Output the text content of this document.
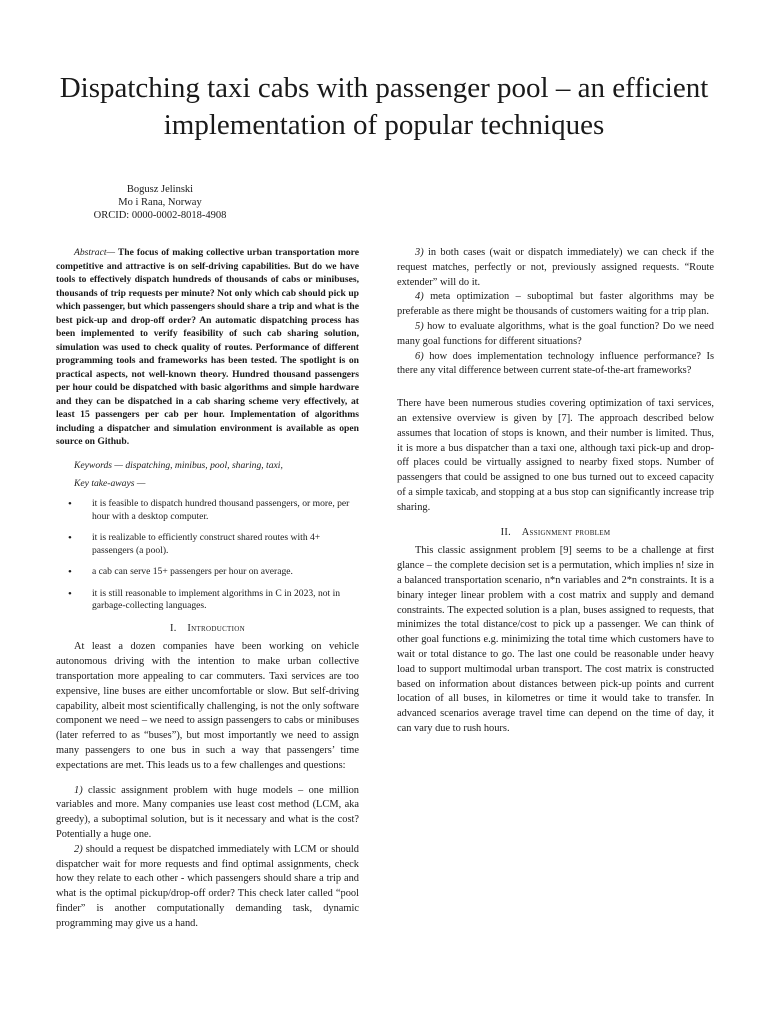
Dispatching taxi cabs with passenger pool – an efficient implementation of popular techniques
Bogusz Jelinski
Mo i Rana, Norway
ORCID: 0000-0002-8018-4908

Abstract— The focus of making collective urban transportation more competitive and attractive is on self-driving capabilities. But do we have tools to effectively dispatch hundreds of thousands of cabs or minibuses, thousands of trip requests per minute? Not only which cab should pick up which passenger, but which passengers should share a trip and what is the best pick-up and drop-off order? An automatic dispatching process has been implemented to verify feasibility of such cab sharing solution, simulation was used to check quality of routes. Performance of different programming tools and frameworks has been tested. The spotlight is on practical aspects, not well-known theory. Hundred thousand passengers per hour could be dispatched with basic algorithms and simple hardware and they can be dispatched in a cab sharing scheme very effectively, at least 15 passengers per cab per hour. Implementation of algorithms including a dispatcher and simulation environment is available as open source on Github.

Keywords — dispatching, minibus, pool, sharing, taxi,

Key take-aways —

• it is feasible to dispatch hundred thousand passengers, or more, per hour with a desktop computer.
• it is realizable to efficiently construct shared routes with 4+ passengers (a pool).
• a cab can serve 15+ passengers per hour on average.
• it is still reasonable to implement algorithms in C in 2023, not in garbage-collecting languages.

I. Introduction

At least a dozen companies have been working on vehicle autonomous driving with the intention to make urban collective transportation more appealing to car commuters. Taxi services are too expensive, line buses are either uncomfortable or slow. But self-driving capability, albeit most scientifically challenging, is not the only software component we need – we need to assign passengers to cabs or minibuses (later referred to as “buses”), but most importantly we need to assign many passengers to one bus in such a way that passengers’ time expectations are met. This leads us to a few challenges and questions:

1) classic assignment problem with huge models – one million variables and more. Many companies use least cost method (LCM, aka greedy), a suboptimal solution, but is it necessary and what is the cost? Potentially a huge one.

2) should a request be dispatched immediately with LCM or should dispatcher wait for more requests and find optimal assignments, check how they relate to each other - which passengers should share a trip and what is the optimal pickup/drop-off order? This check later called “pool finder” is another computationally demanding task, dynamic programming may give us a hand.

3) in both cases (wait or dispatch immediately) we can check if the request matches, perfectly or not, previously assigned requests. “Route extender” will do it.

4) meta optimization – suboptimal but faster algorithms may be preferable as there might be thousands of customers waiting for a trip plan.

5) how to evaluate algorithms, what is the goal function? Do we need many goal functions for different situations?

6) how does implementation technology influence performance? Is there any vital difference between current state-of-the-art frameworks?

There have been numerous studies covering optimization of taxi services, an extensive overview is given by [7]. The approach described below assumes that location of stops is known, and their number is limited. Thus, it is more a bus dispatcher than a taxi one, although taxi pick-up and drop-off places could be virtually assigned to nearby fixed stops. Number of passengers that could be assigned to one bus turned out to exceed capacity of a simple taxicab, and stopping at a bus stop can significantly increase trip sharing.

II. Assignment problem

This classic assignment problem [9] seems to be a challenge at first glance – the complete decision set is a permutation, which implies n! size in a balanced transportation scenario, n*n variables and 2*n constraints. It is a binary integer linear problem with a cost matrix and supply and demand constraints. The expected solution is a plan, buses assigned to requests, that minimizes the total distance/cost to pick up a passenger. We can think of other goal functions e.g. minimizing the total time which customers have to wait or total distance to go. The last one could be reasonable under heavy load to support multimodal urban transport. The cost matrix is constructed based on information about distances between pick-up points and current location of all buses, in kilometres or time it would take to transfer. In advanced scenarios average travel time can depend on the time of day, it can vary due to rush hours.
